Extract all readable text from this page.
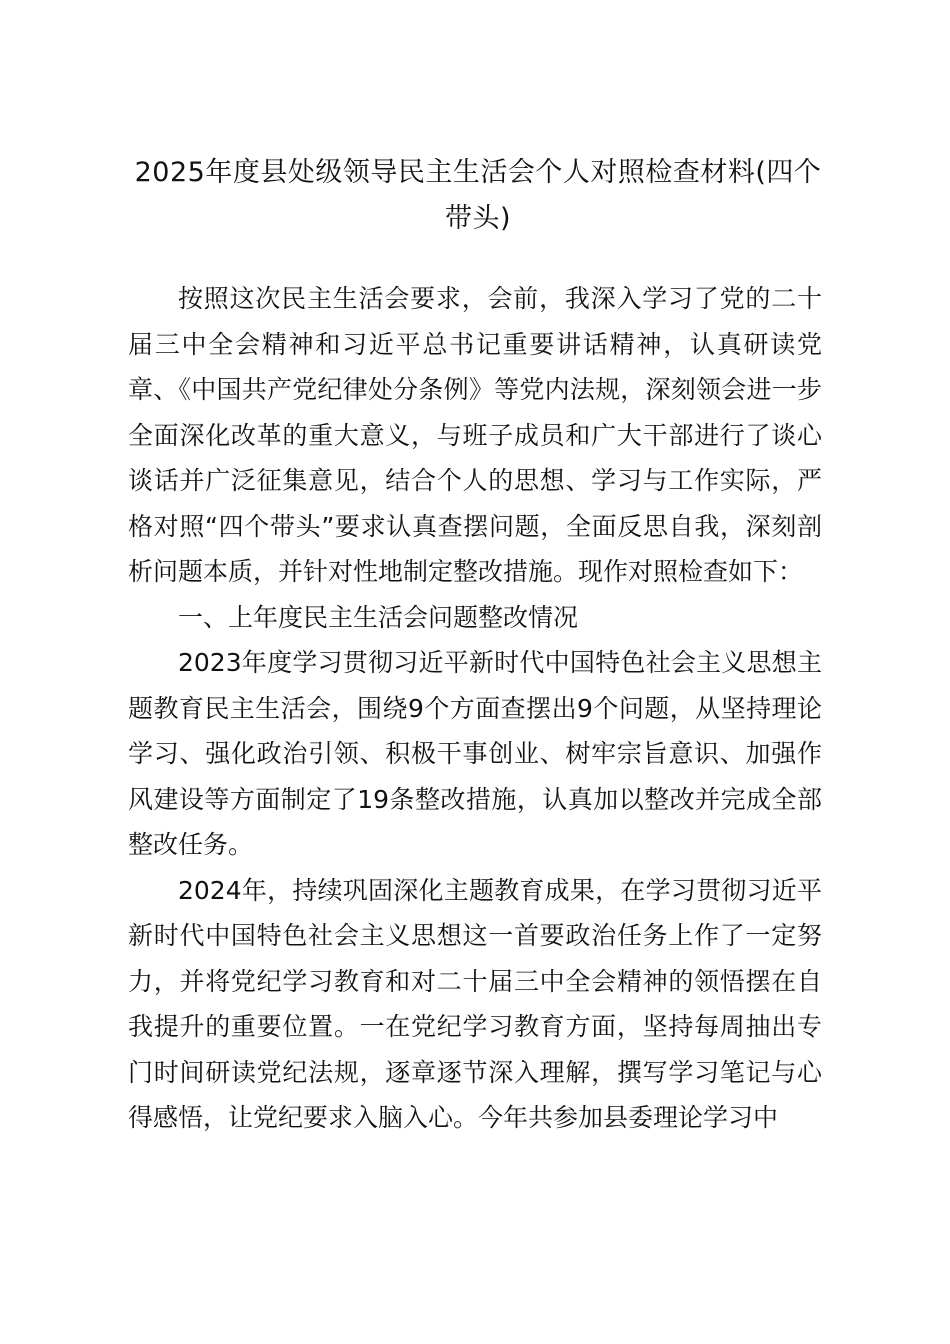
2025年度县处级领导民主生活会个人对照检查材料(四个带头)

按照这次民主生活会要求，会前，我深入学习了党的二十届三中全会精神和习近平总书记重要讲话精神，认真研读党章、《中国共产党纪律处分条例》等党内法规，深刻领会进一步全面深化改革的重大意义，与班子成员和广大干部进行了谈心谈话并广泛征集意见，结合个人的思想、学习与工作实际，严格对照“四个带头”要求认真查摆问题，全面反思自我，深刻剖析问题本质，并针对性地制定整改措施。现作对照检查如下：

一、上年度民主生活会问题整改情况

2023年度学习贯彻习近平新时代中国特色社会主义思想主题教育民主生活会，围绕9个方面查摆出9个问题，从坚持理论学习、强化政治引领、积极干事创业、树牢宗旨意识、加强作风建设等方面制定了19条整改措施，认真加以整改并完成全部整改任务。

2024年，持续巩固深化主题教育成果，在学习贯彻习近平新时代中国特色社会主义思想这一首要政治任务上作了一定努力，并将党纪学习教育和对二十届三中全会精神的领悟摆在自我提升的重要位置。一在党纪学习教育方面，坚持每周抽出专门时间研读党纪法规，逐章逐节深入理解，撰写学习笔记与心得感悟，让党纪要求入脑入心。今年共参加县委理论学习中
